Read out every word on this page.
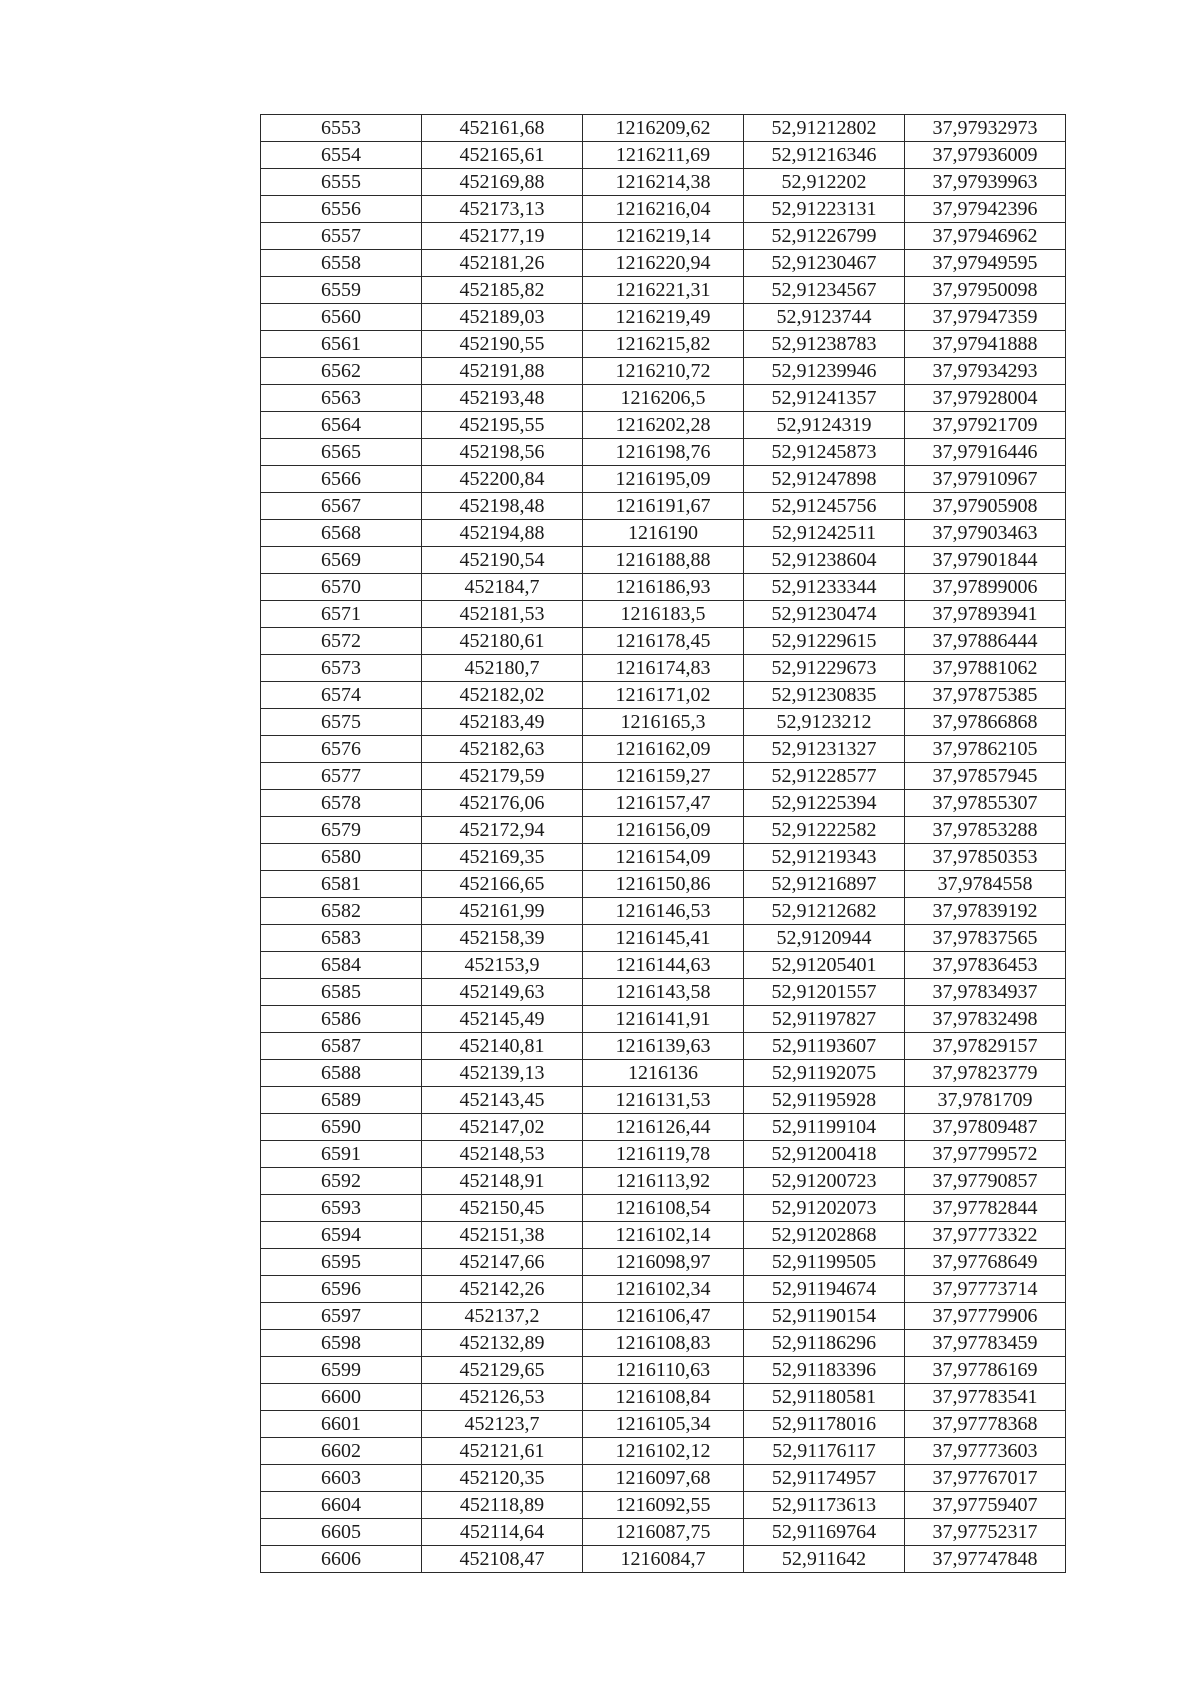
6553	452161,68	1216209,62	52,91212802	37,97932973
6554	452165,61	1216211,69	52,91216346	37,97936009
6555	452169,88	1216214,38	52,912202	37,97939963
6556	452173,13	1216216,04	52,91223131	37,97942396
6557	452177,19	1216219,14	52,91226799	37,97946962
6558	452181,26	1216220,94	52,91230467	37,97949595
6559	452185,82	1216221,31	52,91234567	37,97950098
6560	452189,03	1216219,49	52,9123744	37,97947359
6561	452190,55	1216215,82	52,91238783	37,97941888
6562	452191,88	1216210,72	52,91239946	37,97934293
6563	452193,48	1216206,5	52,91241357	37,97928004
6564	452195,55	1216202,28	52,9124319	37,97921709
6565	452198,56	1216198,76	52,91245873	37,97916446
6566	452200,84	1216195,09	52,91247898	37,97910967
6567	452198,48	1216191,67	52,91245756	37,97905908
6568	452194,88	1216190	52,91242511	37,97903463
6569	452190,54	1216188,88	52,91238604	37,97901844
6570	452184,7	1216186,93	52,91233344	37,97899006
6571	452181,53	1216183,5	52,91230474	37,97893941
6572	452180,61	1216178,45	52,91229615	37,97886444
6573	452180,7	1216174,83	52,91229673	37,97881062
6574	452182,02	1216171,02	52,91230835	37,97875385
6575	452183,49	1216165,3	52,9123212	37,97866868
6576	452182,63	1216162,09	52,91231327	37,97862105
6577	452179,59	1216159,27	52,91228577	37,97857945
6578	452176,06	1216157,47	52,91225394	37,97855307
6579	452172,94	1216156,09	52,91222582	37,97853288
6580	452169,35	1216154,09	52,91219343	37,97850353
6581	452166,65	1216150,86	52,91216897	37,9784558
6582	452161,99	1216146,53	52,91212682	37,97839192
6583	452158,39	1216145,41	52,9120944	37,97837565
6584	452153,9	1216144,63	52,91205401	37,97836453
6585	452149,63	1216143,58	52,91201557	37,97834937
6586	452145,49	1216141,91	52,91197827	37,97832498
6587	452140,81	1216139,63	52,91193607	37,97829157
6588	452139,13	1216136	52,91192075	37,97823779
6589	452143,45	1216131,53	52,91195928	37,9781709
6590	452147,02	1216126,44	52,91199104	37,97809487
6591	452148,53	1216119,78	52,91200418	37,97799572
6592	452148,91	1216113,92	52,91200723	37,97790857
6593	452150,45	1216108,54	52,91202073	37,97782844
6594	452151,38	1216102,14	52,91202868	37,97773322
6595	452147,66	1216098,97	52,91199505	37,97768649
6596	452142,26	1216102,34	52,91194674	37,97773714
6597	452137,2	1216106,47	52,91190154	37,97779906
6598	452132,89	1216108,83	52,91186296	37,97783459
6599	452129,65	1216110,63	52,91183396	37,97786169
6600	452126,53	1216108,84	52,91180581	37,97783541
6601	452123,7	1216105,34	52,91178016	37,97778368
6602	452121,61	1216102,12	52,91176117	37,97773603
6603	452120,35	1216097,68	52,91174957	37,97767017
6604	452118,89	1216092,55	52,91173613	37,97759407
6605	452114,64	1216087,75	52,91169764	37,97752317
6606	452108,47	1216084,7	52,911642	37,97747848
